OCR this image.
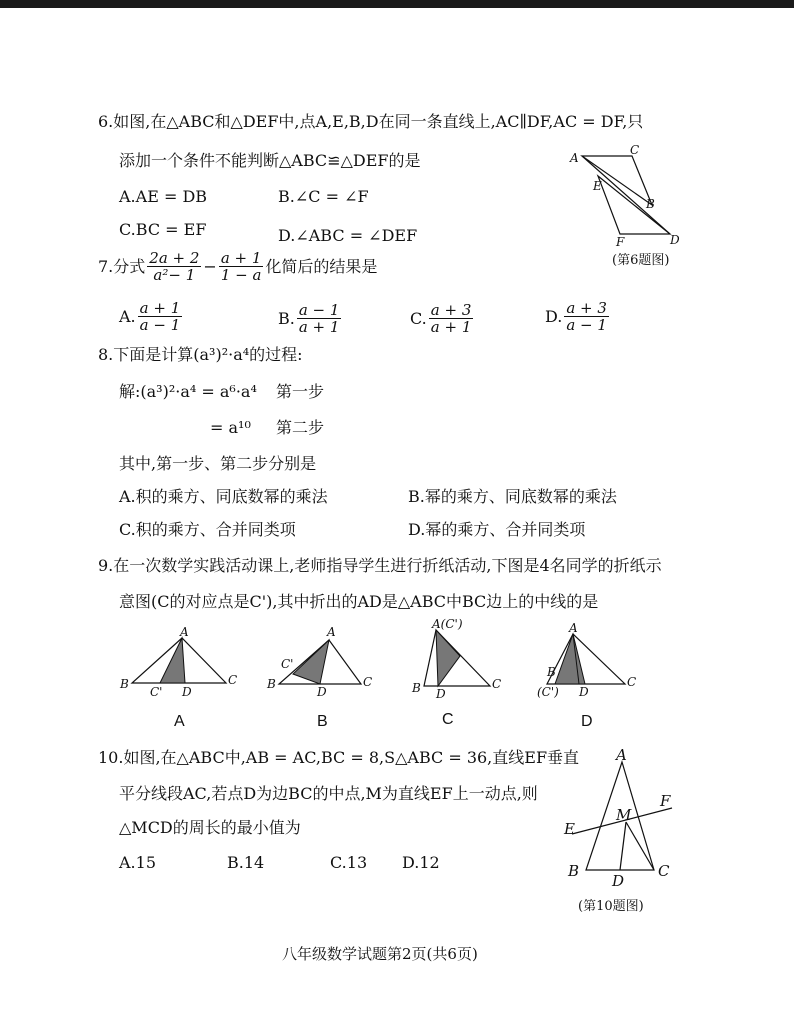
6.如图,在△ABC和△DEF中,点A,E,B,D在同一条直线上,AC∥DF,AC = DF,只
添加一个条件不能判断△ABC≌△DEF的是
A.AE = DB	B.∠C = ∠F
C.BC = EF	D.∠ABC = ∠DEF
A
C
E
B
F	D
(第6题图)
7.分式 $\frac{2a + 2}{\text{a²− 1}} - \frac{a + 1}{1 - a}$ 化简后的结果是
A. $\frac{a + 1}{a - 1}$	B. $\frac{a - 1}{a + 1}$	C. $\frac{a + 3}{a + 1}$	D. $\frac{a + 3}{a - 1}$
8.下面是计算(a³)²·a⁴的过程:
解:(a³)²·a⁴ = a⁶·a⁴ 第一步
= a¹⁰ 第二步
其中,第一步、第二步分别是
A.积的乘方、同底数幂的乘法	B.幂的乘方、同底数幂的乘法
C.积的乘方、合并同类项	D.幂的乘方、合并同类项
9.在一次数学实践活动课上,老师指导学生进行折纸活动,下图是4名同学的折纸示
意图(C的对应点是C'),其中折出的AD是△ABC中BC边上的中线的是
A
B
C' D
C
A
A
C'
B
D
C
B
A(C')
B D
C
C
A
B
(C') D
C
D
10.如图,在△ABC中,AB = AC,BC = 8,S△ABC = 36,直线EF垂直
平分线段AC,若点D为边BC的中点,M为直线EF上一动点,则
△MCD的周长的最小值为
A.15	B.14	C.13 D.12
A
F
M
E
B	C
D
(第10题图)
八年级数学试题第2页(共6页)
